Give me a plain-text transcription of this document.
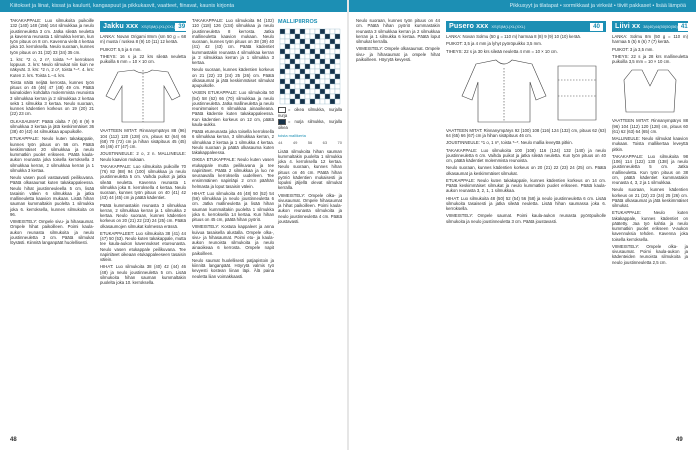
Kiitokset ja liinat, kissat ja kaulurit, kangaspuut ja pikkukasvit, vaatteet, fiinavat, kaunis kirjonta	Pikkusyyt ja tilatapat • sormikkaat ja virkeät • tiiviit pakkaset • lisää lämpöä

TAKAKAPPALE: Luo silmukoita puikoille 132 (140) 148 (156) 164 silmukkaa ja neulo joustinneuletta 3 cm. Jatka sileää neuletta ja kavenna reunasta 1 silmukka kerran, kun työn pituus on 8 cm. Kavenna vielä 4 kertaa joka 10. kerroksella. Neulo suoraan, kunnes työn pituus on 31 (32) 33 (34) 35 cm.

1. krs: *2 o, 2 n*, toista *–* kerroksen loppuun. 2. krs: Neulo silmukat niin kuin ne näkyvät. 3. krs: *2 n, 2 o*, toista *–*. 4. krs: Kuten 2. krs. Toista 1.–4. krs.

Toista näitä neljää kerrosta, kunnes työn pituus on 45 (46) 47 (48) 49 cm. Päätä kainaloiden kohdalta molemmista reunoista 3 silmukkaa kerran ja 2 silmukkaa 2 kertaa sekä 1 silmukka 3 kertaa. Neulo suoraan, kunnes kädentien korkeus on 19 (20) 21 (22) 23 cm.

OLKASAUMAT: Päätä olalta 7 (8) 8 (9) 9 silmukkaa 3 kertaa ja jätä keskimmäiset 36 (38) 40 (42) 44 silmukkaa apupuikolle.

ETUKAPPALE: Neulo kuten takakappale, kunnes työn pituus on 56 cm. Päätä keskimmäiset 20 silmukkaa ja neulo kummatkin puolet erikseen. Päätä kaula-aukon reunasta joka toisella kerroksella 3 silmukkaa kerran, 2 silmukkaa kerran ja 1 silmukka 3 kertaa.

Neulo vasen puoli vastaavasti peilikuvana. Päätä olkasaumat kuten takakappaleessa. Neulo hihat joustinneuleella 5 cm, lisää tasaisin välein 6 silmukkaa ja jatka mallineuletta kaavion mukaan. Lisää hihan sauman kummaltakin puolelta 1 silmukka joka 6. kerroksella, kunnes silmukoita on 96.

VIIMEISTELY: Ompele sivu- ja hihasaumat. Ompele hihat paikoilleen. Poimi kaula-aukon reunasta silmukoita ja neulo joustinneuletta 3 cm. Päätä silmukat löysästi. Kiinnitä langanpäät huolellisesti.

Jakku xxx XS(S)M(L)XL(XXL) 39

LANKA: Novan Origami 8mm (sm 50 g = 68 m) musta / ruskea 8 (9) 10 (11) 12 kerää.

PUIKOT: 5,5 ja 6 mm.

TIHEYS: 16 s ja 22 krs sileää neuletta puikoilla 6 mm = 10 × 10 cm.

VAATTEEN MITAT: Rinnanympärys 88 (96) 104 (112) 120 (128) cm, pituus 62 (64) 66 (68) 70 (72) cm ja hihan sisäpituus 45 (45) 46 (46) 47 (47) cm.

JOUSTINNEULE: 2 o, 2 n. MALLINEULE: Neulo kaavion mukaan.

TAKAKAPPALE: Luo silmukoita puikoille 70 (76) 82 (88) 94 (100) silmukkaa ja neulo joustinneuletta 5 cm. Vaihda puikot ja jatka sileää neuletta. Kavenna reunasta 1 silmukka joka 8. kerroksella 4 kertaa. Neulo suoraan, kunnes työn pituus on 40 (41) 42 (43) 44 (45) cm ja päätä kädentiet.

Päätä kummastakin reunasta 3 silmukkaa kerran, 2 silmukkaa kerran ja 1 silmukka 2 kertaa. Neulo suoraan, kunnes kädentien korkeus on 20 (21) 22 (23) 24 (25) cm. Päätä olkasaumojen silmukat kolmessa erässä.

ETUKAPPALEET: Luo silmukoita 38 (41) 44 (47) 50 (53). Neulo kuten takakappale, mutta tee kaula-aukon kavennukset etureunasta. Neulo vasen etukappale peilikuvana. Tee napinlävet oikeaan etukappaleeseen tasaisin välein.

HIHAT: Luo silmukoita 38 (40) 42 (44) 46 (48) ja neulo joustinneuletta 5 cm. Lisää silmukoita hihan sauman kummaltakin puolelta joka 10. kerroksella.

TAKAKAPPALE: Luo silmukoita 94 (102) 110 (118) 126 (134) silmukkaa ja neulo joustinneuletta 8 kerrosta. Jatka mallineuletta kaavion mukaan. Neulo suoraan, kunnes työn pituus on 38 (39) 40 (41) 42 (43) cm. Päätä kädentiet kummastakin reunasta 4 silmukkaa kerran ja 2 silmukkaa kerran ja 1 silmukka 3 kertaa.

Neulo suoraan, kunnes kädentien korkeus on 21 (22) 23 (24) 25 (26) cm. Päätä olkasaumat ja jätä keskimmäiset silmukat apupuikolle.

VASEN ETUKAPPALE: Luo silmukoita 50 (54) 58 (62) 66 (70) silmukkaa ja neulo joustinneuletta. Jatka mallineuletta ja neulo reunimmaiset 6 silmukkaa ainaoikeana. Päätä kädentie kuten takakappaleessa. Kun kädentien korkeus on 12 cm, päätä kaula-aukko.

Päätä etureunasta joka toisella kerroksella 6 silmukkaa kerran, 3 silmukkaa kerran, 2 silmukkaa 2 kertaa ja 1 silmukka 4 kertaa. Neulo suoraan ja päätä olkasauma kuten takakappaleessa.

OIKEA ETUKAPPALE: Neulo kuten vasen etukappale mutta peilikuvana ja tee napinlävet. Päätä 2 silmukkaa ja luo ne seuraavalla kerroksella uudelleen. Tee ensimmäinen napinläpi 2 cm:n päähän helmasta ja loput tasaisin välein.

HIHAT: Luo silmukoita 46 (48) 50 (52) 54 (56) silmukkaa ja neulo joustinneuletta 6 cm. Jatka mallineuletta ja lisää hihan sauman kummaltakin puolelta 1 silmukka joka 6. kerroksella 14 kertaa. Kun hihan pituus on 45 cm, päätä hihan pyöriö.

VIIMEISTELY: Kostuta kappaleet ja anna kuivua tasaisella alustalla. Ompele olka-, sivu- ja hihasaumat. Poimi etu- ja kaula-aukon reunoista silmukoita ja neulo ainaoikeaa 6 kerrosta. Ompele napit paikoilleen.

Neulo saumat huolellisesti patjapistoin ja kiinnitä langanpäät. Höyrytä valmis työ kevyesti kostean liinan läpi. Älä paina neuletta liian voimakkaasti.

MALLIPIIRROS
= oikea silmukka, nurjalla nurja
= nurja silmukka, nurjalla oikea
toista mallikerta
44	49	56	63	70

Lisää silmukoita hihan sauman kummaltakin puolelta 1 silmukka joka 4. kerroksella 12 kertaa. Neulo suoraan, kunnes hihan pituus on 46 cm. Päätä hihan pyöriö kädentien mukaisesti ja lopuksi jäljellä olevat silmukat kerralla.

VIIMEISTELY: Ompele olka- ja sivusaumat. Ompele hihasaumat ja hihat paikoilleen. Poimi kaula-aukon reunasta silmukoita ja neulo joustinneuletta 4 cm. Päätä joustavasti.

Neulo suoraan, kunnes työn pituus on 44 cm. Päätä hihan pyöriö kummastakin reunasta 3 silmukkaa kerran ja 2 silmukkaa kerran ja 1 silmukka 6 kertaa. Päätä loput silmukat kerralla.

VIIMEISTELY: Ompele olkasaumat. Ompele sivu- ja hihasaumat ja ompele hihat paikoilleen. Höyrytä kevyesti.

Pusero xxx XS(S)M(L)XL(XXL)	40

LANKA: Novan Solmu (50 g = 110 m) harmaa 8 (8) 9 (9) 10 (10) kerää.

PUIKOT: 3,5 ja 4 mm ja lyhyt pyöröpuikko 3,5 mm.

TIHEYS: 22 s ja 30 krs sileää neuletta 4 mm = 10 × 10 cm.

VAATTEEN MITAT: Rinnanympärys 92 (100) 108 (116) 124 (132) cm, pituus 62 (63) 64 (65) 66 (67) cm ja hihan sisäpituus 46 cm.

JOUSTINNEULE: *1 o, 1 n*, toista *–*. Neulo mallia leveyttä pitkin.

TAKAKAPPALE: Luo silmukoita 100 (108) 116 (124) 132 (140) ja neulo joustinneuletta 6 cm. Vaihda puikot ja jatka sileää neuletta. Kun työn pituus on 40 cm, päätä kädentiet molemmista reunoista.

Neulo suoraan, kunnes kädentien korkeus on 20 (21) 22 (23) 24 (25) cm. Päätä olkasaumat ja keskimmäiset silmukat.

ETUKAPPALE: Neulo kuten takakappale, kunnes kädentien korkeus on 14 cm. Päätä keskimmäiset silmukat ja neulo kummatkin puolet erikseen. Päätä kaula-aukon reunasta 3, 2, 1, 1 silmukkaa.

HIHAT: Luo silmukoita 48 (50) 52 (54) 56 (58) ja neulo joustinneuletta 6 cm. Lisää silmukoita tasaisesti ja jatka sileää neuletta. Lisää hihan saumassa joka 6. kerroksella.

VIIMEISTELY: Ompele saumat. Poimi kaula-aukon reunasta pyöröpuikolle silmukoita ja neulo joustinneuletta 3 cm. Päätä joustavasti.

Liivi xx 38(40)44(50)50(56) 41

LANKA: Solmu 8m (50 g = 110 m) harmaa 5 (5) 6 (6) 7 (7) kerää.

PUIKOT: 3 ja 3,5 mm.

TIHEYS: 22 s ja 28 krs mallineuletta puikoilla 3,5 mm = 10 × 10 cm.

VAATTEEN MITAT: Rinnanympärys 88 (96) 104 (112) 120 (128) cm, pituus 60 (61) 62 (63) 64 (65) cm.

MALLINEULE: Neulo silmukat kaavion mukaan. Toista mallikertaa leveyttä pitkin.

TAKAKAPPALE: Luo silmukoita 98 (106) 114 (122) 130 (138) ja neulo joustinneuletta 5 cm. Jatka mallineuletta. Kun työn pituus on 38 cm, päätä kädentiet kummastakin reunasta 4, 3, 2 ja 1 silmukkaa.

Neulo suoraan, kunnes kädentien korkeus on 21 (22) 23 (24) 25 (26) cm. Päätä olkasaumat ja jätä keskimmäiset silmukat.

ETUKAPPALE: Neulo kuten takakappale, kunnes kädentiet on päätetty. Jaa työ kahtia ja neulo kummatkin puolet erikseen V-aukon kavennuksia tehden. Kavenna joka toisella kerroksella.

VIIMEISTELY: Ompele olka- ja sivusaumat. Poimi kaula-aukon ja kädenteiden reunoista silmukoita ja neulo joustinneuletta 2,5 cm.

48	49
